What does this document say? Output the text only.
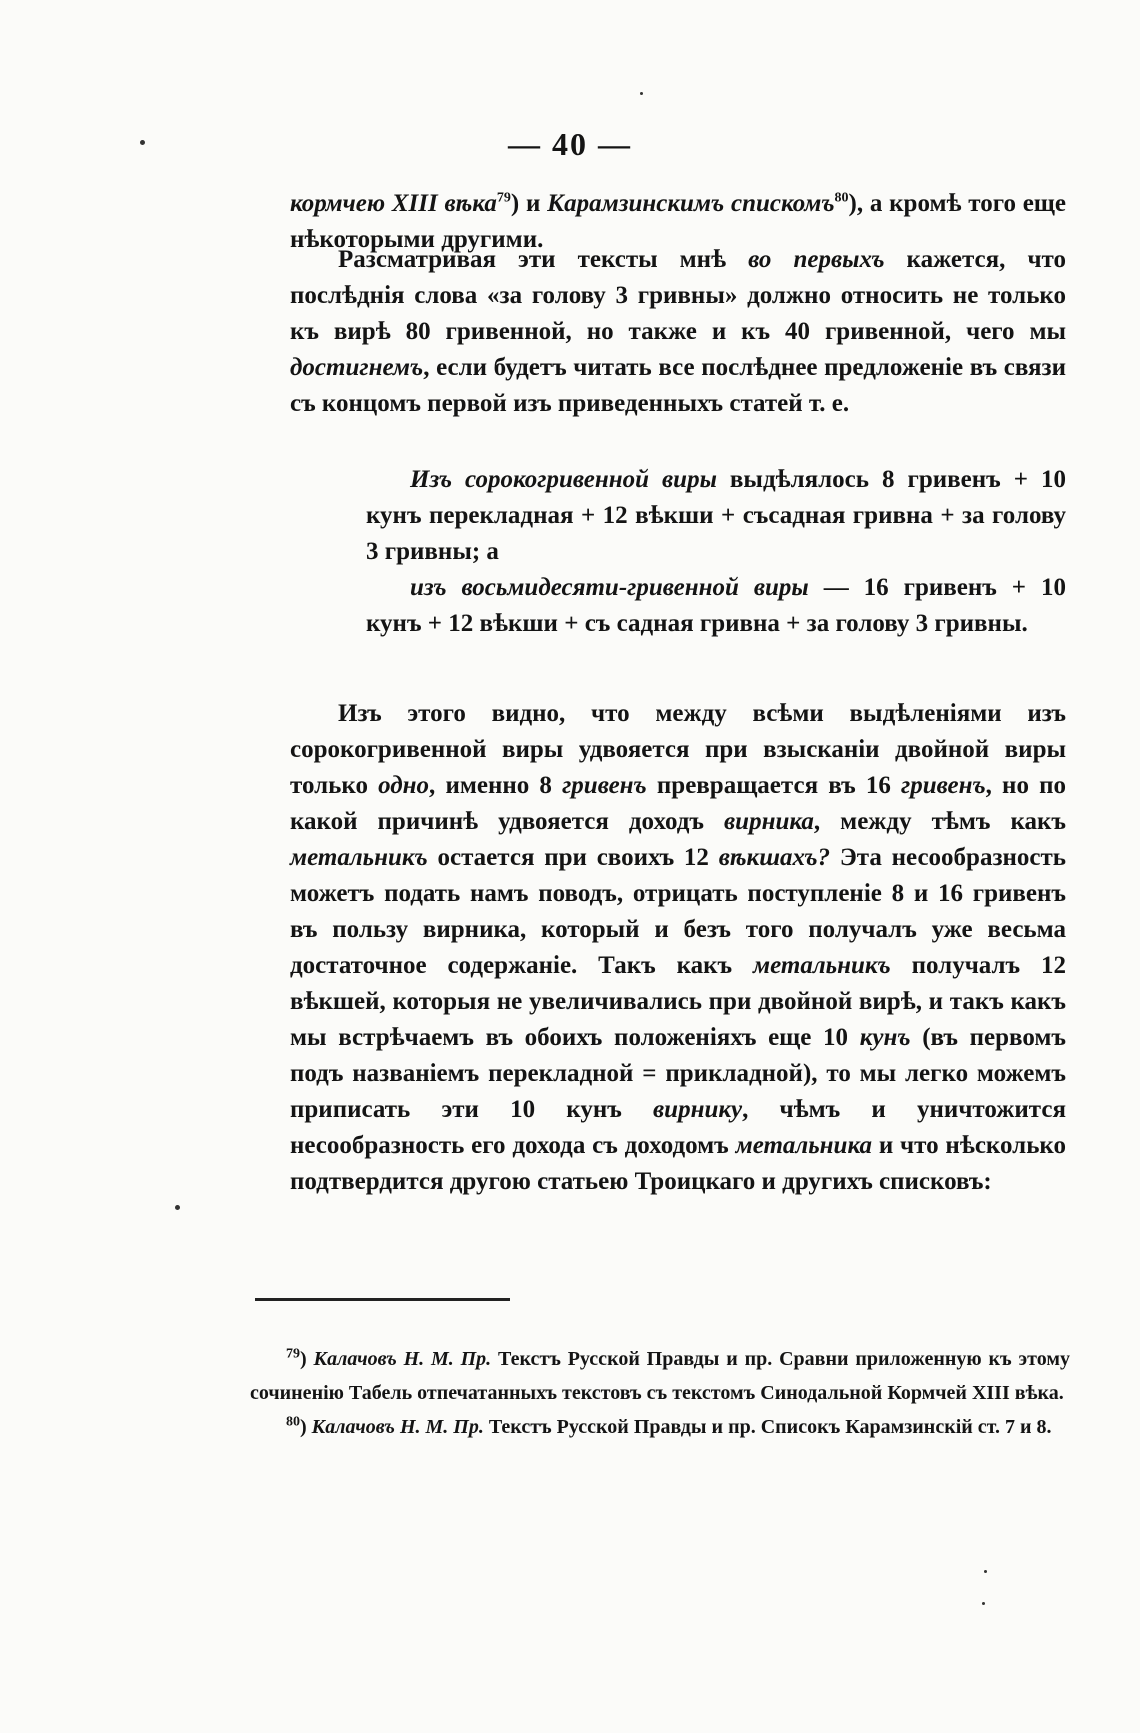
— 40 —

кормчею XIII вѣка$^{79}$) и Карамзинскимъ спискомъ$^{80}$), а кромѣ того еще нѣкоторыми другими.

Разсматривая эти тексты мнѣ во первыхъ кажется, что послѣднія слова «за голову 3 гривны» должно относить не только къ вирѣ 80 гривенной, но также и къ 40 гривенной, чего мы достигнемъ, если будетъ читать все послѣднее предложеніе въ связи съ концомъ первой изъ приведенныхъ статей т. е.

Изъ сорокогривенной виры выдѣлялось 8 гривенъ + 10 кунъ перекладная + 12 вѣкши + съсадная гривна + за голову 3 гривны; а

изъ восьмидесяти-гривенной виры — 16 гривенъ + 10 кунъ + 12 вѣкши + съ садная гривна + за голову 3 гривны.

Изъ этого видно, что между всѣми выдѣленіями изъ сорокогривенной виры удвояется при взысканіи двойной виры только одно, именно 8 гривенъ превращается въ 16 гривенъ, но по какой причинѣ удвояется доходъ вирника, между тѣмъ какъ метальникъ остается при своихъ 12 вѣкшахъ? Эта несообразность можетъ подать намъ поводъ, отрицать поступленіе 8 и 16 гривенъ въ пользу вирника, который и безъ того получалъ уже весьма достаточное содержаніе. Такъ какъ метальникъ получалъ 12 вѣкшей, которыя не увеличивались при двойной вирѣ, и такъ какъ мы встрѣчаемъ въ обоихъ положеніяхъ еще 10 кунъ (въ первомъ подъ названіемъ перекладной = прикладной), то мы легко можемъ приписать эти 10 кунъ вирнику, чѣмъ и уничтожится несообразность его дохода съ доходомъ метальника и что нѣсколько подтвердится другою статьею Троицкаго и другихъ списковъ:

$^{79}$) Калачовъ Н. М. Пр. Текстъ Русской Правды и пр. Сравни приложенную къ этому сочиненію Табель отпечатанныхъ текстовъ съ текстомъ Синодальной Кормчей XIII вѣка.

$^{80}$) Калачовъ Н. М. Пр. Текстъ Русской Правды и пр. Списокъ Карамзинскій ст. 7 и 8.
